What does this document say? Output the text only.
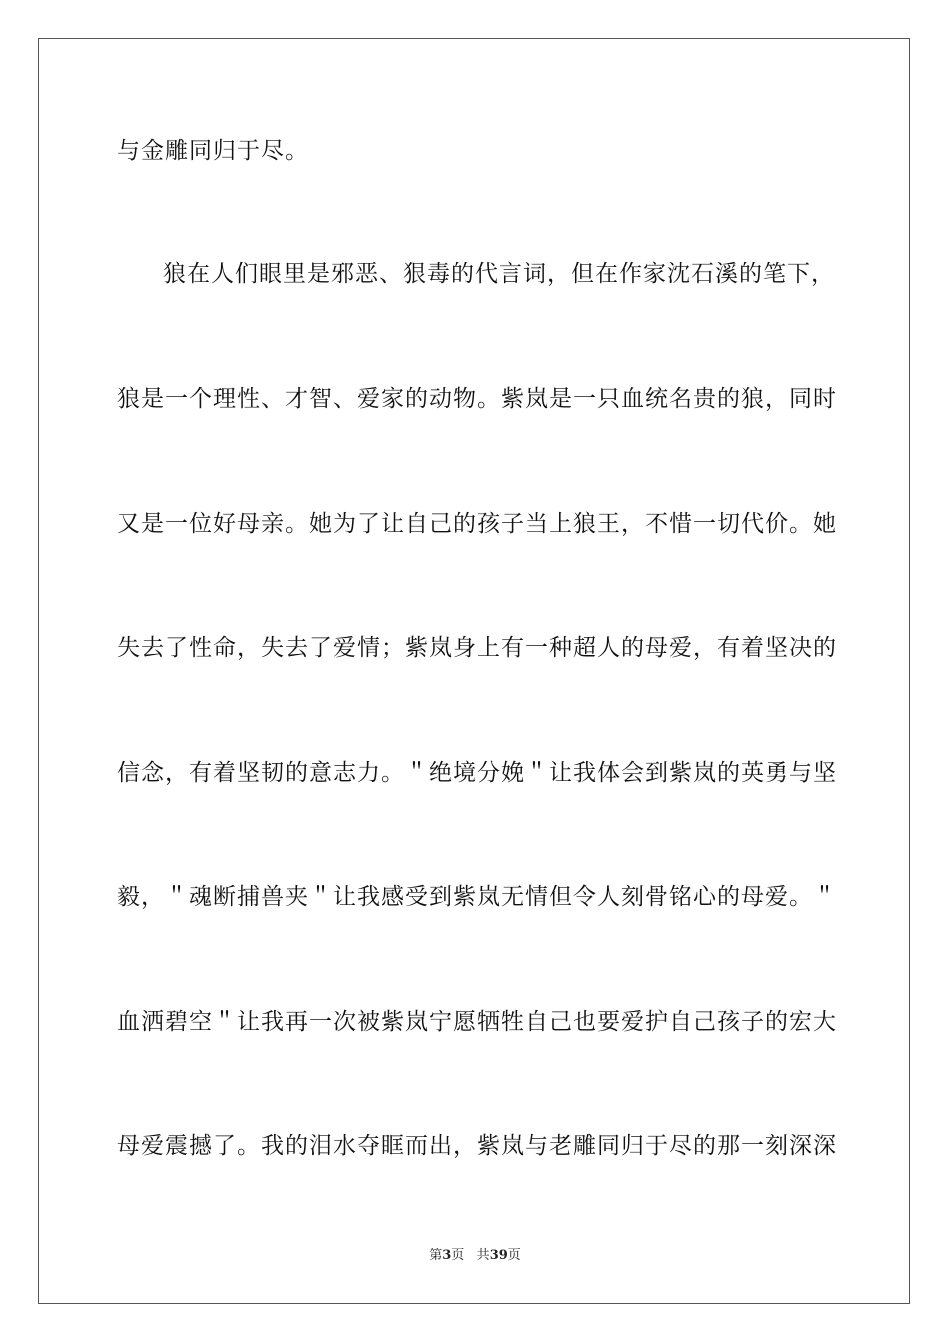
与金雕同归于尽。
狼在人们眼里是邪恶、狠毒的代言词，但在作家沈石溪的笔下，
狼是一个理性、才智、爱家的动物。紫岚是一只血统名贵的狼，同时
又是一位好母亲。她为了让自己的孩子当上狼王，不惜一切代价。她
失去了性命，失去了爱情；紫岚身上有一种超人的母爱，有着坚决的
信念，有着坚韧的意志力。＂绝境分娩＂让我体会到紫岚的英勇与坚
毅，＂魂断捕兽夹＂让我感受到紫岚无情但令人刻骨铭心的母爱。＂
血洒碧空＂让我再一次被紫岚宁愿牺牲自己也要爱护自己孩子的宏大
母爱震撼了。我的泪水夺眶而出，紫岚与老雕同归于尽的那一刻深深
第3页 共39页
